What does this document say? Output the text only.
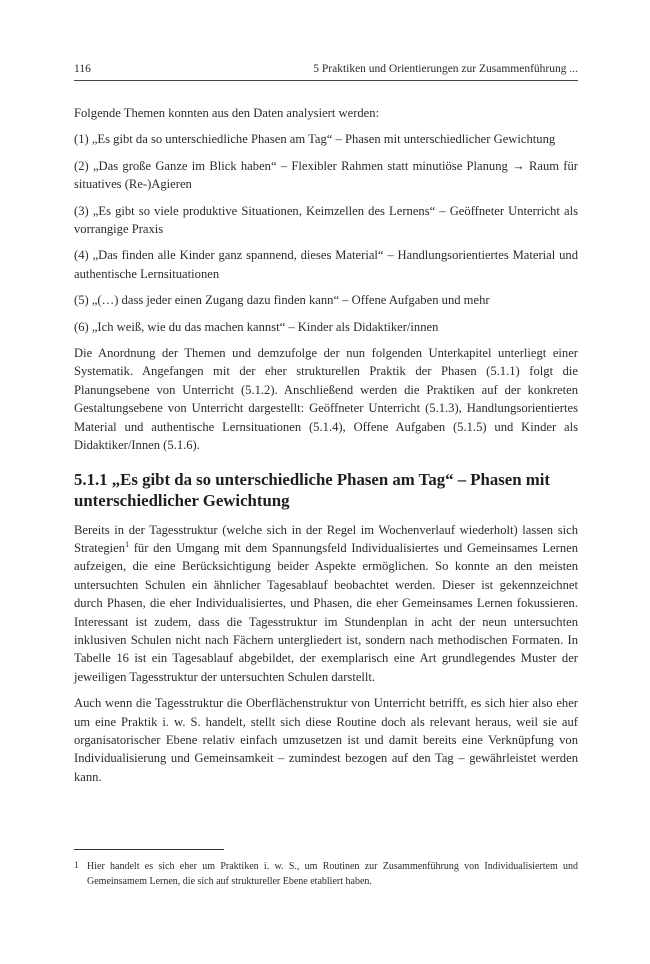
116	5 Praktiken und Orientierungen zur Zusammenführung ...

Folgende Themen konnten aus den Daten analysiert werden:

(1) „Es gibt da so unterschiedliche Phasen am Tag“ – Phasen mit unterschiedlicher Gewichtung

(2) „Das große Ganze im Blick haben“ – Flexibler Rahmen statt minutiöse Planung → Raum für situatives (Re-)Agieren

(3) „Es gibt so viele produktive Situationen, Keimzellen des Lernens“ – Geöffneter Unterricht als vorrangige Praxis

(4) „Das finden alle Kinder ganz spannend, dieses Material“ – Handlungsorientiertes Material und authentische Lernsituationen

(5) „(…) dass jeder einen Zugang dazu finden kann“ – Offene Aufgaben und mehr

(6) „Ich weiß, wie du das machen kannst“ – Kinder als Didaktiker/innen

Die Anordnung der Themen und demzufolge der nun folgenden Unterkapitel unterliegt einer Systematik. Angefangen mit der eher strukturellen Praktik der Phasen (5.1.1) folgt die Planungsebene von Unterricht (5.1.2). Anschließend werden die Praktiken auf der konkreten Gestaltungsebene von Unterricht dargestellt: Geöffneter Unterricht (5.1.3), Handlungsorientiertes Material und authentische Lernsituationen (5.1.4), Offene Aufgaben (5.1.5) und Kinder als Didaktiker/Innen (5.1.6).

5.1.1 „Es gibt da so unterschiedliche Phasen am Tag“ – Phasen mit unterschiedlicher Gewichtung

Bereits in der Tagesstruktur (welche sich in der Regel im Wochenverlauf wiederholt) lassen sich Strategien$^1$ für den Umgang mit dem Spannungsfeld Individualisiertes und Gemeinsames Lernen aufzeigen, die eine Berücksichtigung beider Aspekte ermöglichen. So konnte an den meisten untersuchten Schulen ein ähnlicher Tagesablauf beobachtet werden. Dieser ist gekennzeichnet durch Phasen, die eher Individualisiertes, und Phasen, die eher Gemeinsames Lernen fokussieren. Interessant ist zudem, dass die Tagesstruktur im Stundenplan in acht der neun untersuchten inklusiven Schulen nicht nach Fächern untergliedert ist, sondern nach methodischen Formaten. In Tabelle 16 ist ein Tagesablauf abgebildet, der exemplarisch eine Art grundlegendes Muster der jeweiligen Tagesstruktur der untersuchten Schulen darstellt.

Auch wenn die Tagesstruktur die Oberflächenstruktur von Unterricht betrifft, es sich hier also eher um eine Praktik i. w. S. handelt, stellt sich diese Routine doch als relevant heraus, weil sie auf organisatorischer Ebene relativ einfach umzusetzen ist und damit bereits eine Verknüpfung von Individualisierung und Gemeinsamkeit – zumindest bezogen auf den Tag – gewährleistet werden kann.

1 Hier handelt es sich eher um Praktiken i. w. S., um Routinen zur Zusammenführung von Individualisiertem und Gemeinsamem Lernen, die sich auf struktureller Ebene etabliert haben.
